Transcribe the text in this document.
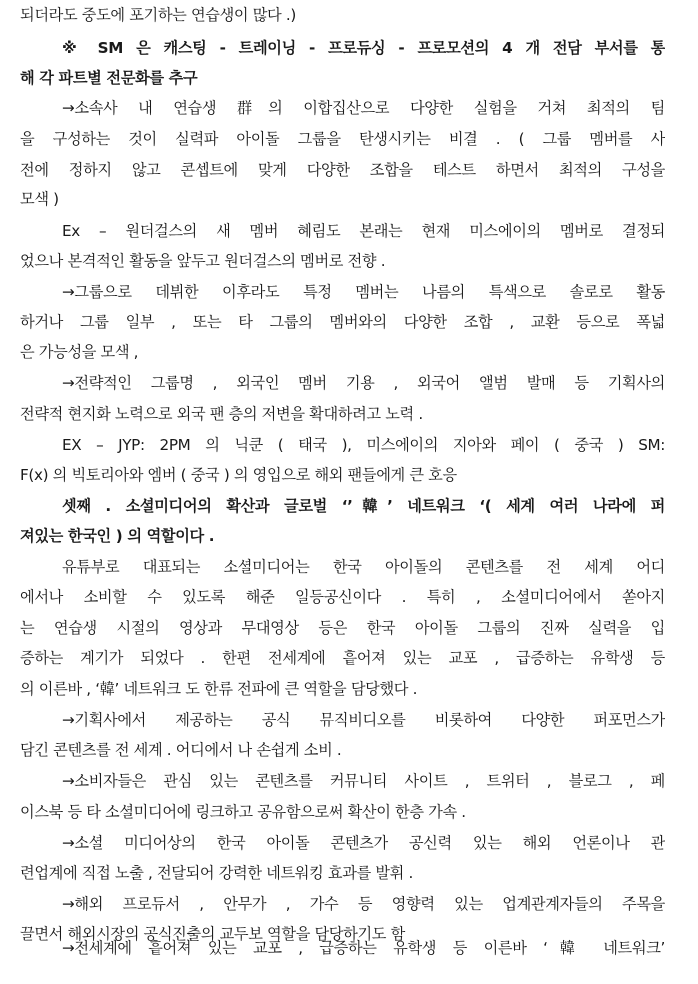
되더라도 중도에 포기하는 연습생이 많다 .)
※ SM 은 캐스팅 - 트레이닝 - 프로듀싱 - 프로모션의 4 개 전담 부서를 통
해 각 파트별 전문화를 추구
→소속사 내 연습생 群의 이합집산으로 다양한 실험을 거쳐 최적의 팀
을 구성하는 것이 실력파 아이돌 그룹을 탄생시키는 비결 . ( 그룹 멤버를 사
전에 정하지 않고 콘셉트에 맞게 다양한 조합을 테스트 하면서 최적의 구성을
모색 )
Ex – 원더걸스의 새 멤버 혜림도 본래는 현재 미스에이의 멤버로 결정되
었으나 본격적인 활동을 앞두고 원더걸스의 멤버로 전향 .
→그룹으로 데뷔한 이후라도 특정 멤버는 나름의 특색으로 솔로로 활동
하거나 그룹 일부 , 또는 타 그룹의 멤버와의 다양한 조합 , 교환 등으로 폭넓
은 가능성을 모색 ,
→전략적인 그룹명 , 외국인 멤버 기용 , 외국어 앨범 발매 등 기획사의
전략적 현지화 노력으로 외국 팬 층의 저변을 확대하려고 노력 .
EX – JYP: 2PM 의 닉쿤 ( 태국 ), 미스에이의 지아와 페이 ( 중국 ) SM:
F(x) 의 빅토리아와 엠버 ( 중국 ) 의 영입으로 해외 팬들에게 큰 호응
셋째 . 소셜미디어의 확산과 글로벌 ‘’韓’ 네트워크 ‘( 세계 여러 나라에 퍼
져있는 한국인 ) 의 역할이다 .
유튜부로 대표되는 소셜미디어는 한국 아이돌의 콘텐츠를 전 세계 어디
에서나 소비할 수 있도록 해준 일등공신이다 . 특히 , 소셜미디어에서 쏟아지
는 연습생 시절의 영상과 무대영상 등은 한국 아이돌 그룹의 진짜 실력을 입
증하는 계기가 되었다 . 한편 전세계에 흩어져 있는 교포 , 급증하는 유학생 등
의 이른바 , ‘韓’ 네트워크 도 한류 전파에 큰 역할을 담당했다 .
→기획사에서 제공하는 공식 뮤직비디오를 비롯하여 다양한 퍼포먼스가
담긴 콘텐츠를 전 세계 . 어디에서 나 손쉽게 소비 .
→소비자들은 관심 있는 콘텐츠를 커뮤니티 사이트 , 트위터 , 블로그 , 페
이스북 등 타 소셜미디어에 링크하고 공유함으로써 확산이 한층 가속 .
→소셜 미디어상의 한국 아이돌 콘텐츠가 공신력 있는 해외 언론이나 관
련업계에 직접 노출 , 전달되어 강력한 네트워킹 효과를 발휘 .
→해외 프로듀서 , 안무가 , 가수 등 영향력 있는 업계관계자들의 주목을
끌면서 해외시장의 공식진출의 교두보 역할을 담당하기도 함
→전세계에 흩어져 있는 교포 , 급증하는 유학생 등 이른바 ‘韓 네트워크’
